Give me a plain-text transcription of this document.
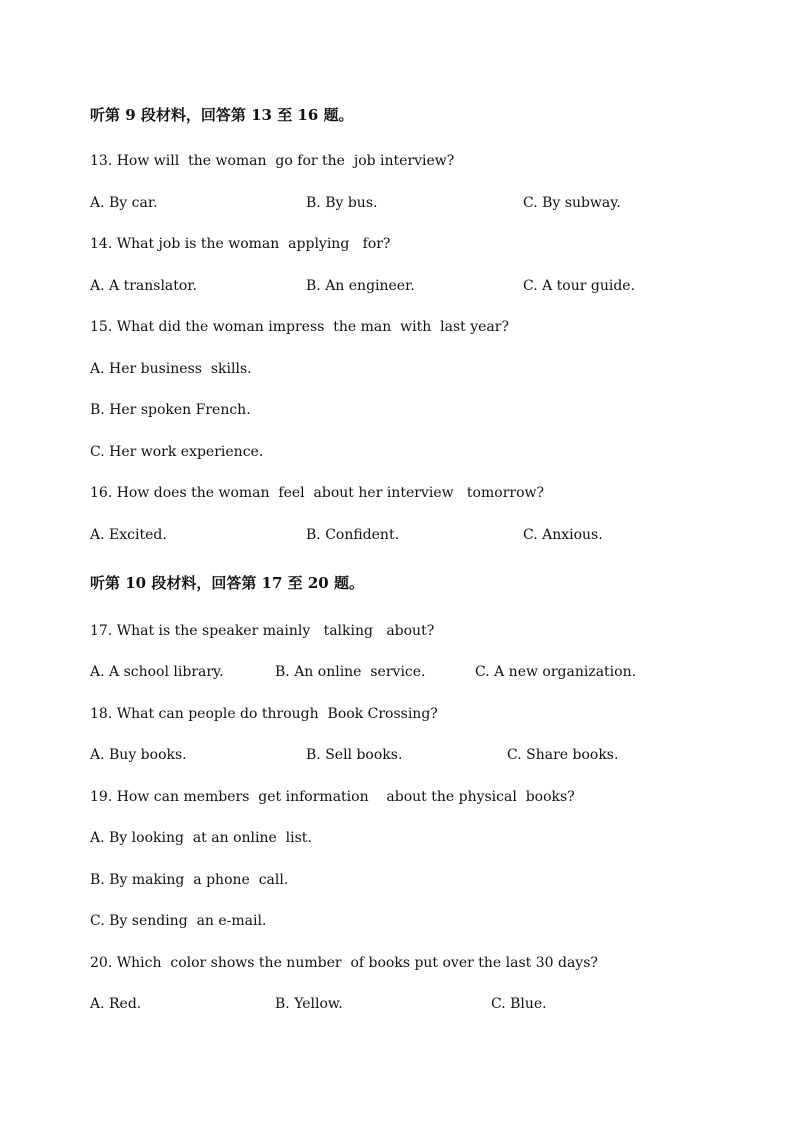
听第 9 段材料，回答第 13 至 16 题。
13. How will  the woman  go for the  job interview?
A. By car.	B. By bus.	C. By subway.
14. What job is the woman  applying   for?
A. A translator.	B. An engineer.	C. A tour guide.
15. What did the woman impress  the man  with  last year?
A. Her business  skills.
B. Her spoken French.
C. Her work experience.
16. How does the woman  feel  about her interview   tomorrow?
A. Excited.	B. Confident.	C. Anxious.
听第 10 段材料，回答第 17 至 20 题。
17. What is the speaker mainly   talking   about?
A. A school library.	B. An online  service.	C. A new organization.
18. What can people do through  Book Crossing?
A. Buy books.	B. Sell books.	C. Share books.
19. How can members  get information    about the physical  books?
A. By looking  at an online  list.
B. By making  a phone  call.
C. By sending  an e-mail.
20. Which  color shows the number  of books put over the last 30 days?
A. Red.	B. Yellow.	C. Blue.
